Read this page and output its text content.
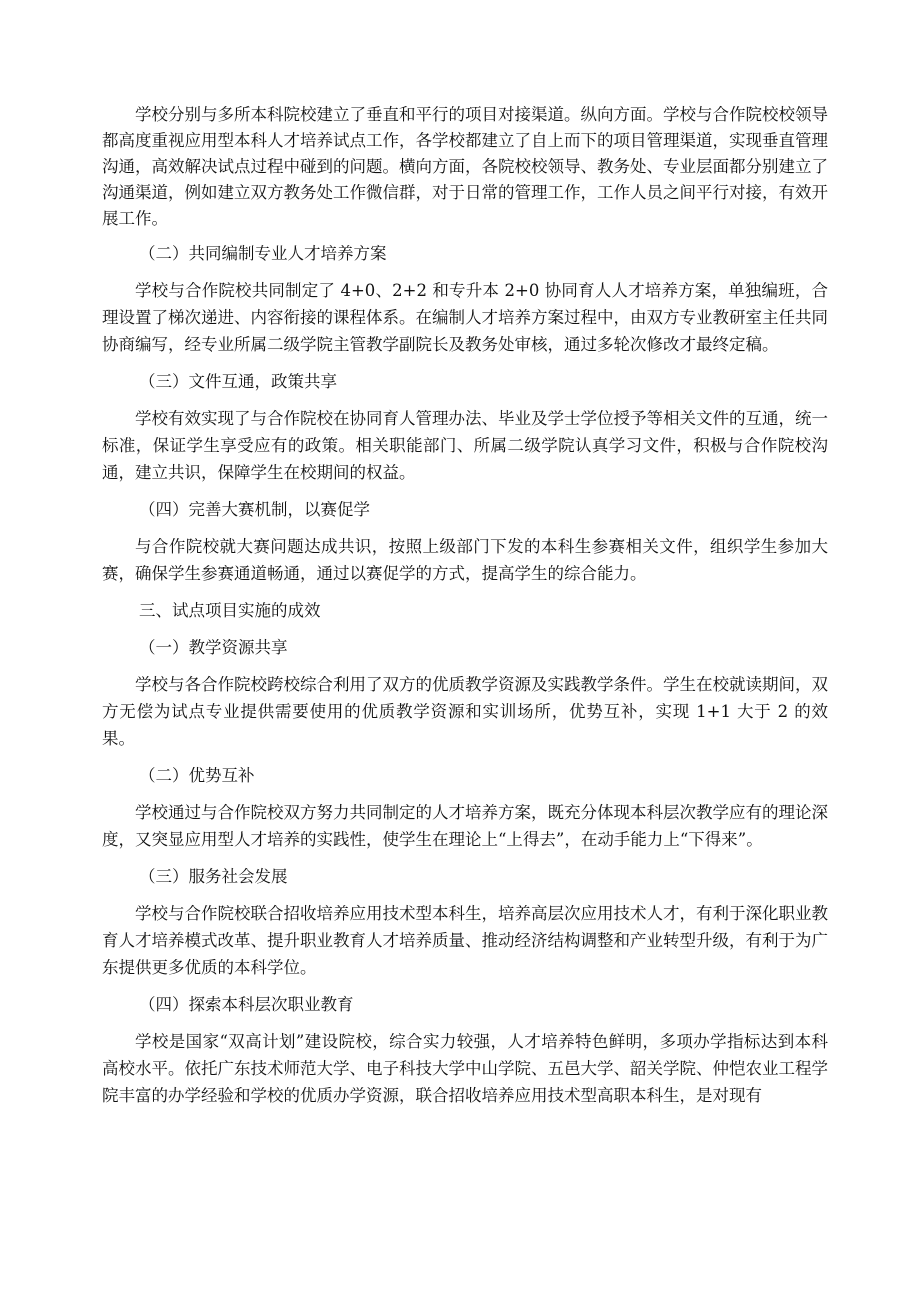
学校分别与多所本科院校建立了垂直和平行的项目对接渠道。纵向方面。学校与合作院校校领导都高度重视应用型本科人才培养试点工作，各学校都建立了自上而下的项目管理渠道，实现垂直管理沟通，高效解决试点过程中碰到的问题。横向方面，各院校校领导、教务处、专业层面都分别建立了沟通渠道，例如建立双方教务处工作微信群，对于日常的管理工作，工作人员之间平行对接，有效开展工作。

（二）共同编制专业人才培养方案

学校与合作院校共同制定了 4+0、2+2 和专升本 2+0 协同育人人才培养方案，单独编班，合理设置了梯次递进、内容衔接的课程体系。在编制人才培养方案过程中，由双方专业教研室主任共同协商编写，经专业所属二级学院主管教学副院长及教务处审核，通过多轮次修改才最终定稿。

（三）文件互通，政策共享

学校有效实现了与合作院校在协同育人管理办法、毕业及学士学位授予等相关文件的互通，统一标准，保证学生享受应有的政策。相关职能部门、所属二级学院认真学习文件，积极与合作院校沟通，建立共识，保障学生在校期间的权益。

（四）完善大赛机制，以赛促学

与合作院校就大赛问题达成共识，按照上级部门下发的本科生参赛相关文件，组织学生参加大赛，确保学生参赛通道畅通，通过以赛促学的方式，提高学生的综合能力。

三、试点项目实施的成效

（一）教学资源共享

学校与各合作院校跨校综合利用了双方的优质教学资源及实践教学条件。学生在校就读期间，双方无偿为试点专业提供需要使用的优质教学资源和实训场所，优势互补，实现 1+1 大于 2 的效果。

（二）优势互补

学校通过与合作院校双方努力共同制定的人才培养方案，既充分体现本科层次教学应有的理论深度，又突显应用型人才培养的实践性，使学生在理论上“上得去”，在动手能力上“下得来”。

（三）服务社会发展

学校与合作院校联合招收培养应用技术型本科生，培养高层次应用技术人才，有利于深化职业教育人才培养模式改革、提升职业教育人才培养质量、推动经济结构调整和产业转型升级，有利于为广东提供更多优质的本科学位。

（四）探索本科层次职业教育

学校是国家“双高计划”建设院校，综合实力较强，人才培养特色鲜明，多项办学指标达到本科高校水平。依托广东技术师范大学、电子科技大学中山学院、五邑大学、韶关学院、仲恺农业工程学院丰富的办学经验和学校的优质办学资源，联合招收培养应用技术型高职本科生，是对现有
